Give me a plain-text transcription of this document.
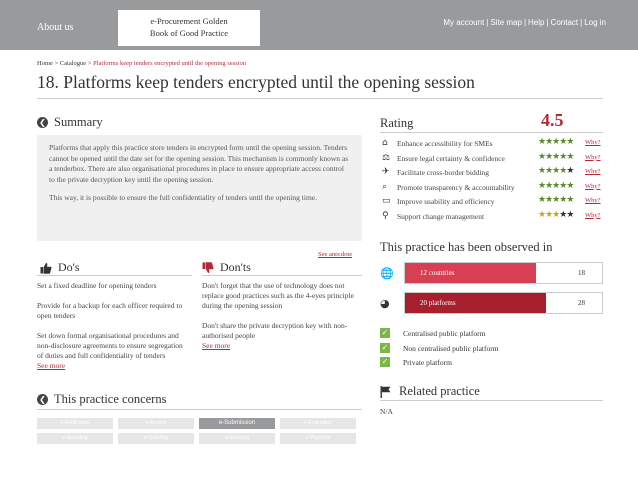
About us
e-Procurement Golden
Book of Good Practice
My account | Site map | Help | Contact | Log in
Home > Catalogue > Platforms keep tenders encrypted until the opening session
18. Platforms keep tenders encrypted until the opening session
❮ Summary

Platforms that apply this practice store tenders in encrypted form until the opening session. Tenders cannot be opened until the date set for the opening session. This mechanism is commonly known as a tenderbox. There are also organisational procedures in place to ensure appropriate access control to the private decryption key until the opening session.

This way, it is possible to ensure the full confidentiality of tenders until the opening time.

See anecdote
Do's
Set a fixed deadline for opening tenders
Provide for a backup for each officer required to open tenders
Set down formal organisational procedures and non-disclosure agreements to ensure segregation of duties and full confidentiality of tenders
See more
Don'ts
Don't forget that the use of technology does not replace good practices such as the 4-eyes principle during the opening session
Don't share the private decryption key with non-authorised people
See more
❮ This practice concerns
e-Notification	e-Access	e-Submission	e-Evaluation
e-Awarding	e-Ordering	e-Invoicing	e-Payment
Rating	4.5
⌂	Enhance accessibility for SMEs	★★★★★ Why?
⚖ Ensure legal certainty & confidence	★★★★★ Why?
✈ Facilitate cross-border bidding	★★★★★ Why?
⌕	Promote transparency & accountability	★★★★★ Why?
▭ Improve usability and efficiency	★★★★★ Why?
⚲	Support change management	★★★★★ Why?
This practice has been observed in
🌐	12 countries	18
◕	20 platforms	28
✓ Centralised public platform
✓ Non centralised public platform
✓ Private platform
Related practice
N/A
